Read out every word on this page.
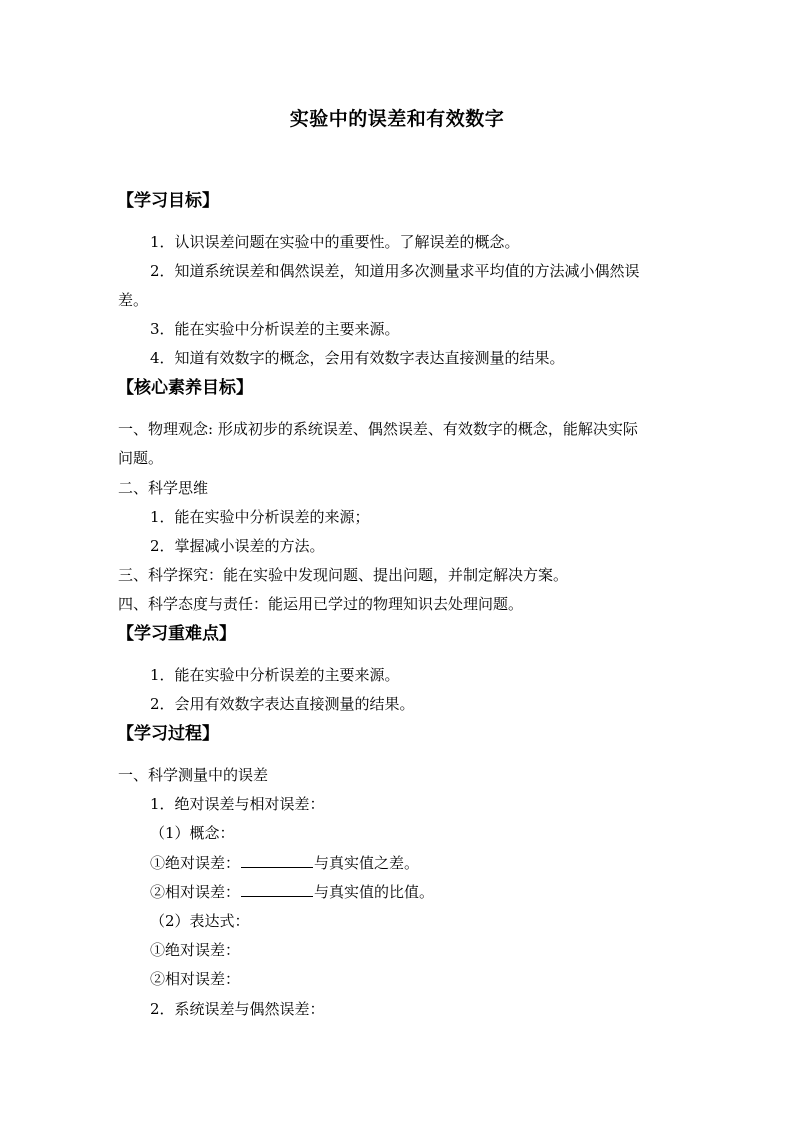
实验中的误差和有效数字
【学习目标】
1．认识误差问题在实验中的重要性。了解误差的概念。
2．知道系统误差和偶然误差，知道用多次测量求平均值的方法减小偶然误
差。
3．能在实验中分析误差的主要来源。
4．知道有效数字的概念，会用有效数字表达直接测量的结果。
【核心素养目标】
一、物理观念: 形成初步的系统误差、偶然误差、有效数字的概念，能解决实际
问题。
二、科学思维
1．能在实验中分析误差的来源；
2．掌握减小误差的方法。
三、科学探究：能在实验中发现问题、提出问题，并制定解决方案。
四、科学态度与责任：能运用已学过的物理知识去处理问题。
【学习重难点】
1．能在实验中分析误差的主要来源。
2．会用有效数字表达直接测量的结果。
【学习过程】
一、科学测量中的误差
1．绝对误差与相对误差：
（1）概念：
①绝对误差：	与真实值之差。
②相对误差：	与真实值的比值。
（2）表达式：
①绝对误差：
②相对误差：
2．系统误差与偶然误差：
